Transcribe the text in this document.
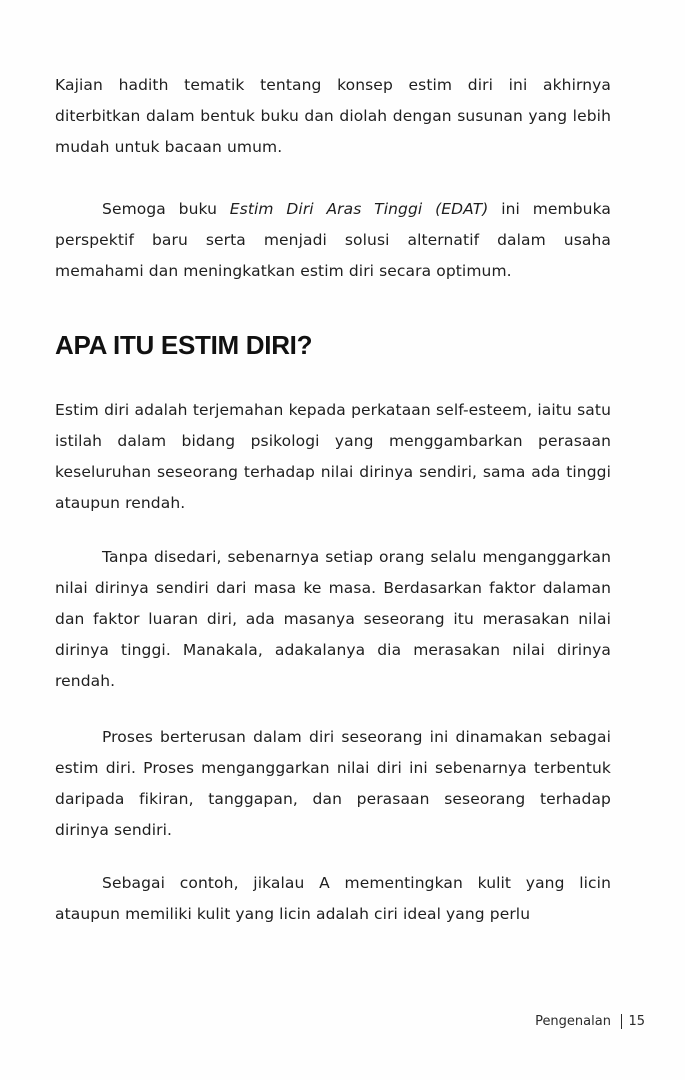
Kajian hadith tematik tentang konsep estim diri ini akhirnya diterbitkan dalam bentuk buku dan diolah dengan susunan yang lebih mudah untuk bacaan umum.

Semoga buku Estim Diri Aras Tinggi (EDAT) ini membuka perspektif baru serta menjadi solusi alternatif dalam usaha memahami dan meningkatkan estim diri secara optimum.

APA ITU ESTIM DIRI?

Estim diri adalah terjemahan kepada perkataan self-esteem, iaitu satu istilah dalam bidang psikologi yang menggambarkan perasaan keseluruhan seseorang terhadap nilai dirinya sendiri, sama ada tinggi ataupun rendah.

Tanpa disedari, sebenarnya setiap orang selalu menganggarkan nilai dirinya sendiri dari masa ke masa. Berdasarkan faktor dalaman dan faktor luaran diri, ada masanya seseorang itu merasakan nilai dirinya tinggi. Manakala, adakalanya dia merasakan nilai dirinya rendah.

Proses berterusan dalam diri seseorang ini dinamakan sebagai estim diri. Proses menganggarkan nilai diri ini sebenarnya terbentuk daripada fikiran, tanggapan, dan perasaan seseorang terhadap dirinya sendiri.

Sebagai contoh, jikalau A mementingkan kulit yang licin ataupun memiliki kulit yang licin adalah ciri ideal yang perlu

Pengenalan 15
